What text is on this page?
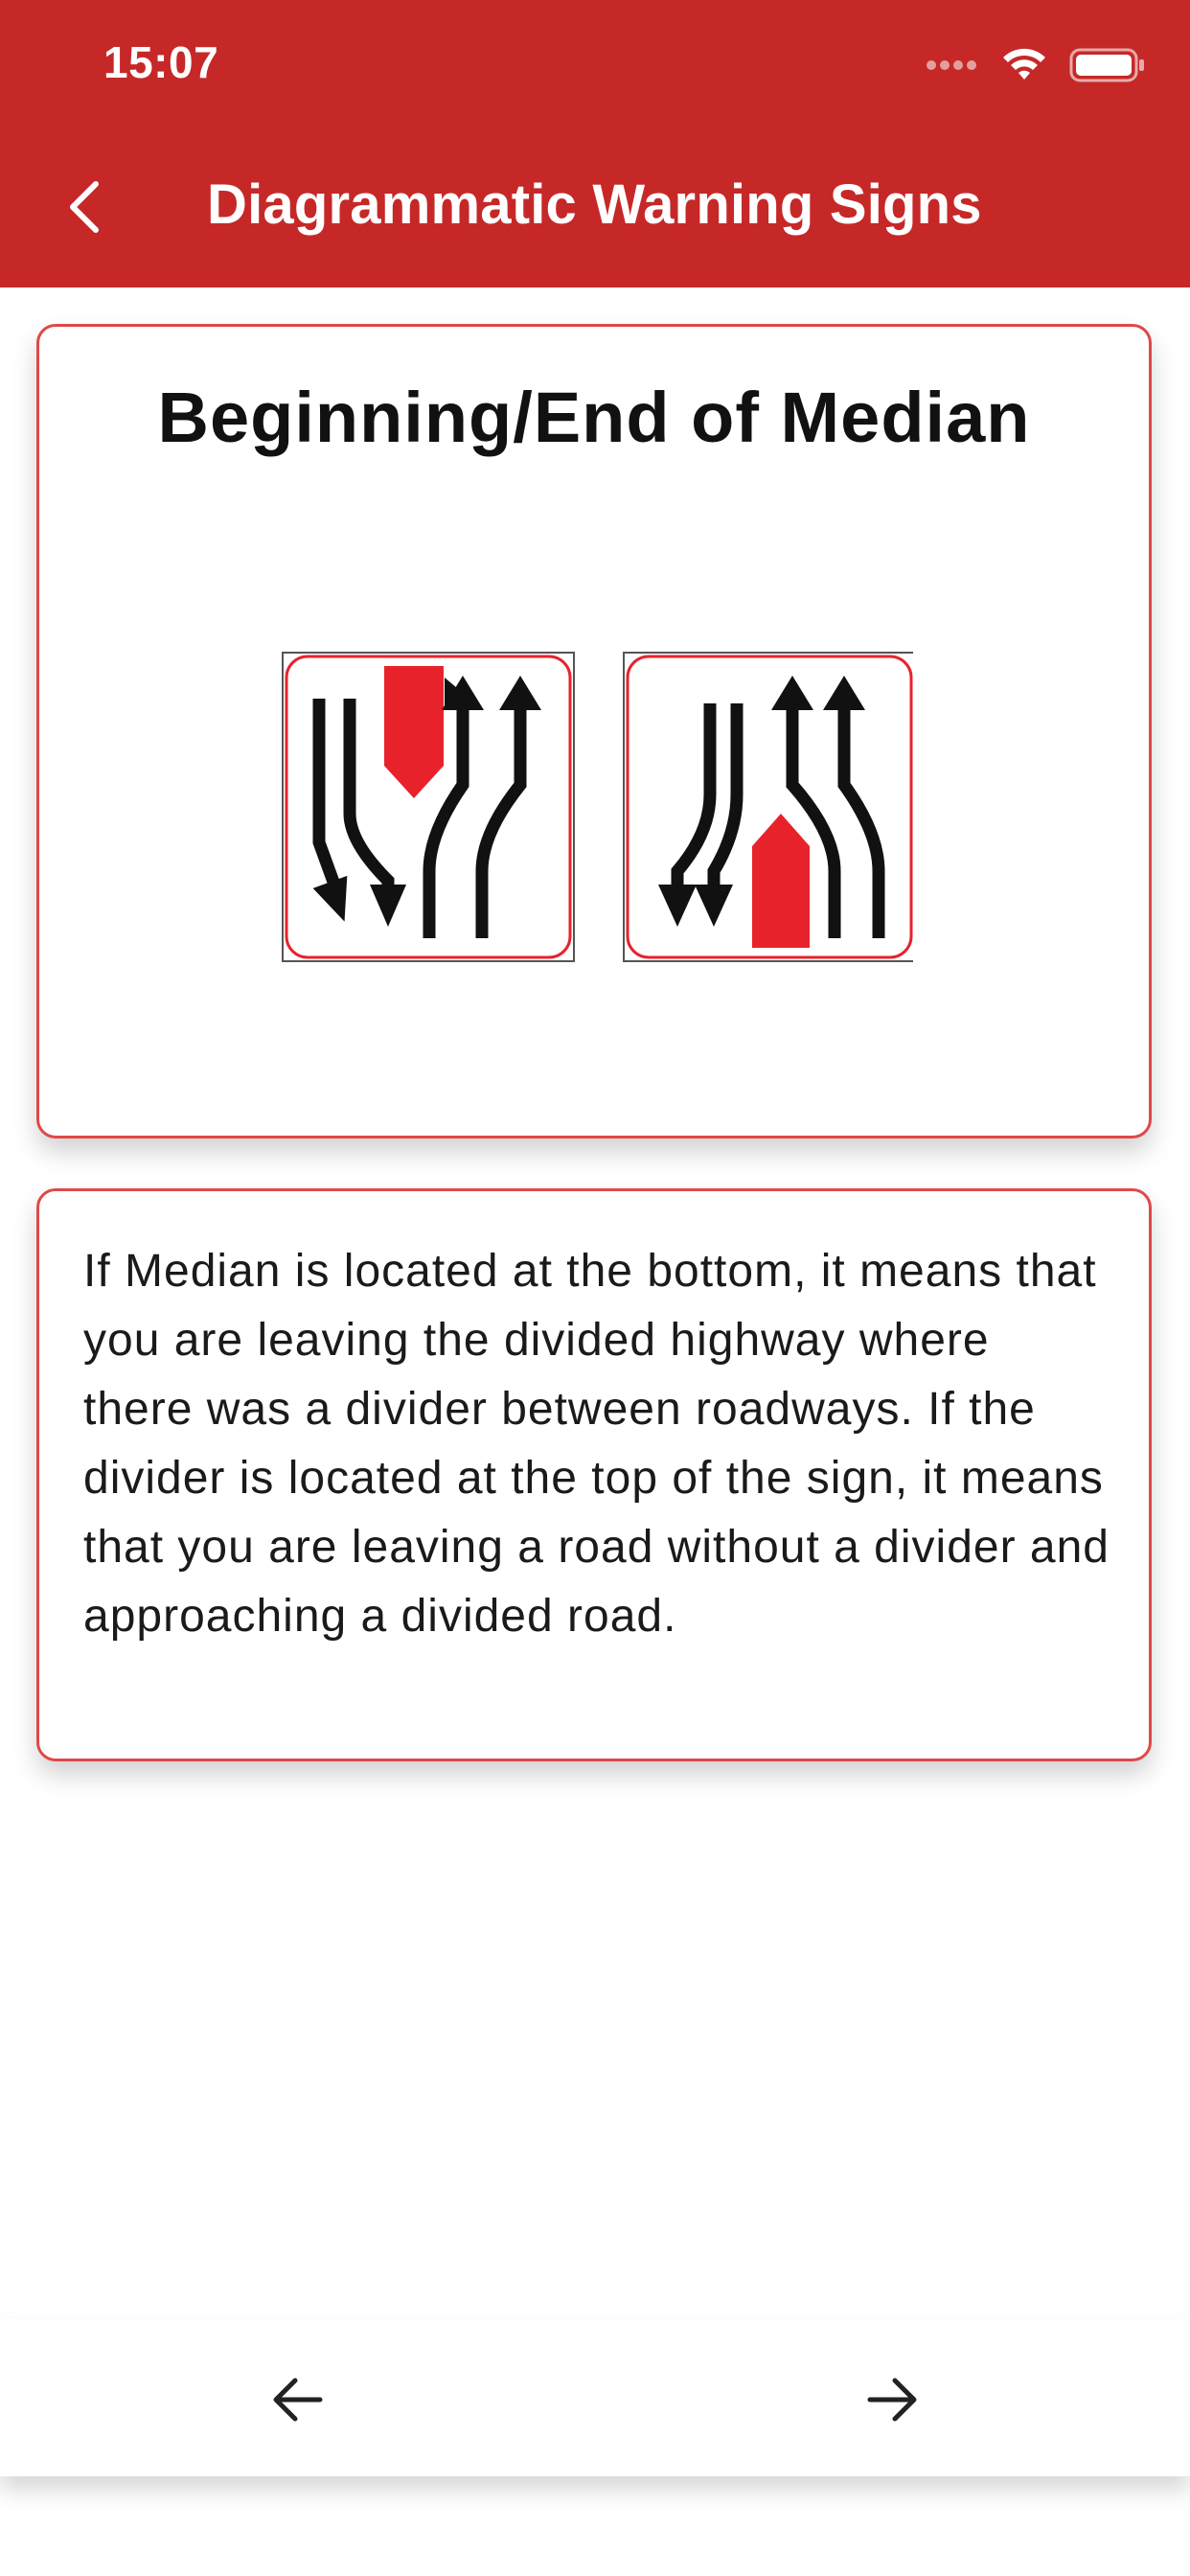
15:07
Diagrammatic Warning Signs
Beginning/End of Median

If Median is located at the bottom, it means that you are leaving the divided highway where there was a divider between roadways. If the divider is located at the top of the sign, it means that you are leaving a road without a divider and approaching a divided road.
